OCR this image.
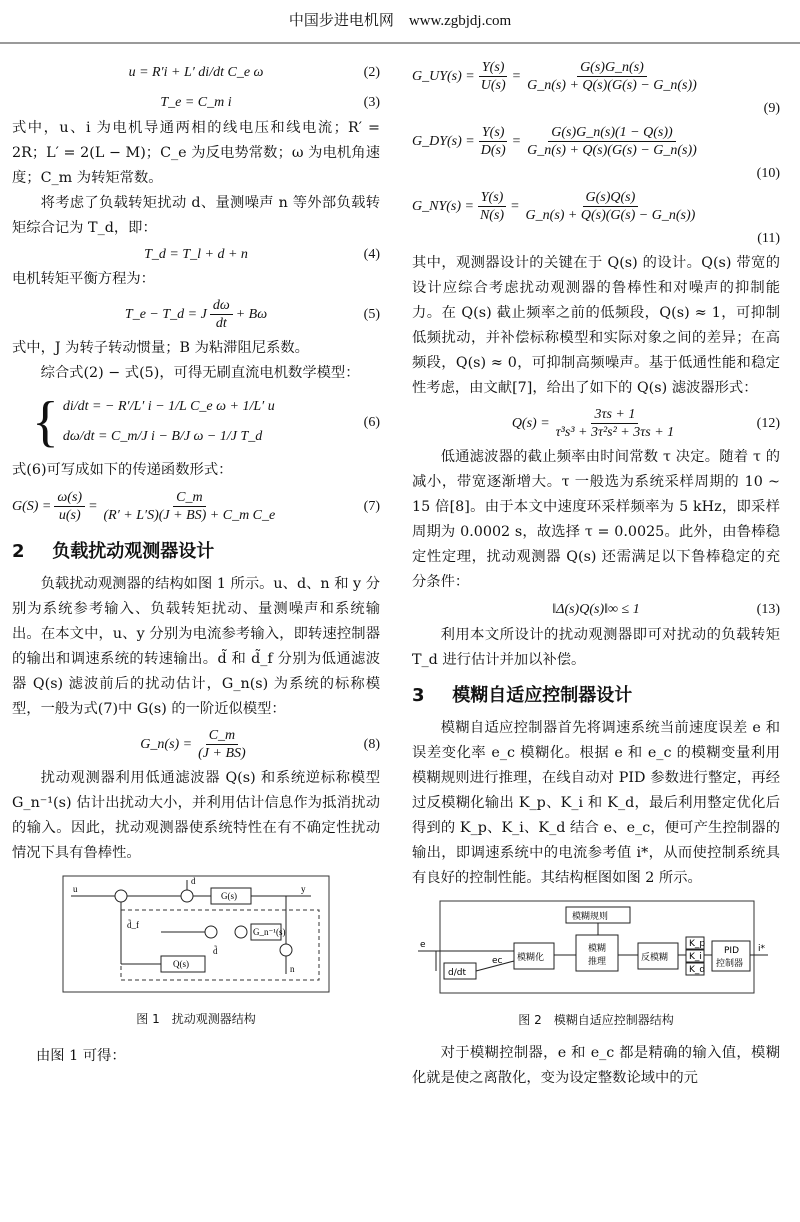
中国步进电机网 www.zgbjdj.com
u = R′i + L′ di/dt C_e ω	(2)
T_e = C_m i	(3)

式中，u、i 为电机导通两相的线电压和线电流；R′ = 2R；L′ = 2(L − M)；C_e 为反电势常数；ω 为电机角速度；C_m 为转矩常数。

将考虑了负载转矩扰动 d、量测噪声 n 等外部负载转矩综合记为 T_d，即：

T_d = T_l + d + n	(4)

电机转矩平衡方程为：

T_e − T_d = J $\frac{d\omega}{dt} + B\omega$	(5)

式中，J 为转子转动惯量；B 为粘滞阻尼系数。

综合式(2) − 式(5)，可得无刷直流电机数学模型：

{ di/dt = − R′/L′ i − 1/L C_e ω + 1/L′ u
dω/dt = C_m/J i − B/J ω − 1/J T_d
(6)

式(6)可写成如下的传递函数形式：

$G(S) = \frac{\omega(s)}{u(s)} = \frac{C\_m}{\text{(R′ + L′S)(J + BS) + C\_m C\_e}}$	(7)
2 负载扰动观测器设计

负载扰动观测器的结构如图 1 所示。u、d、n 和 y 分别为系统参考输入、负载转矩扰动、量测噪声和系统输出。在本文中，u、y 分别为电流参考输入，即转速控制器的输出和调速系统的转速输出。d̃ 和 d̃_f 分别为低通滤波器 Q(s) 滤波前后的扰动估计，G_n(s) 为系统的标称模型，一般为式(7)中 G(s) 的一阶近似模型：

G_n(s) = $\frac{C\_m}{(J + BS)}$	(8)

扰动观测器利用低通滤波器 Q(s) 和系统逆标称模型 G_n⁻¹(s) 估计出扰动大小，并利用估计信息作为抵消扰动的输入。因此，扰动观测器使系统特性在有不确定性扰动情况下具有鲁棒性。

u
d
y
n
G(s)
G_n⁻¹(s)
Q(s)
d̃_f
d̃
图 1　扰动观测器结构

由图 1 可得：

G_UY(s) = $\frac{Y(s)}{U(s)} = \frac{G(s)G\_n(s)}{G\_n(s) + Q(s)(G(s) - G\_n(s))}$
(9)
G_DY(s) = $\frac{Y(s)}{D(s)} = \frac{G(s)G\_n(s)(1 - Q(s))}{G\_n(s) + Q(s)(G(s) - G\_n(s))}$
(10)
G_NY(s) = $\frac{Y(s)}{N(s)} = \frac{G(s)Q(s)}{G\_n(s) + Q(s)(G(s) - G\_n(s))}$
(11)

其中，观测器设计的关键在于 Q(s) 的设计。Q(s) 带宽的设计应综合考虑扰动观测器的鲁棒性和对噪声的抑制能力。在 Q(s) 截止频率之前的低频段，Q(s) ≈ 1，可抑制低频扰动，并补偿标称模型和实际对象之间的差异；在高频段，Q(s) ≈ 0，可抑制高频噪声。基于低通性能和稳定性考虑，由文献[7]，给出了如下的 Q(s) 滤波器形式：

$Q(s) = \frac{3\tau s + 1}{\text{τ³s³ + 3τ²s² + 3τs + 1}}$	(12)

低通滤波器的截止频率由时间常数 τ 决定。随着 τ 的减小，带宽逐渐增大。τ 一般选为系统采样周期的 10 ~ 15 倍[8]。由于本文中速度环采样频率为 5 kHz，即采样周期为 0.0002 s，故选择 τ = 0.0025。此外，由鲁棒稳定性定理，扰动观测器 Q(s) 还需满足以下鲁棒稳定的充分条件：

‖Δ(s)Q(s)‖∞ ≤ 1	(13)

利用本文所设计的扰动观测器即可对扰动的负载转矩 T_d 进行估计并加以补偿。

3 模糊自适应控制器设计

模糊自适应控制器首先将调速系统当前速度误差 e 和误差变化率 e_c 模糊化。根据 e 和 e_c 的模糊变量利用模糊规则进行推理，在线自动对 PID 参数进行整定，再经过反模糊化输出 K_p、K_i 和 K_d，最后利用整定优化后得到的 K_p、K_i、K_d 结合 e、e_c，便可产生控制器的输出，即调速系统中的电流参考值 i*，从而使控制系统具有良好的控制性能。其结构框图如图 2 所示。

模糊规则
模糊化
模糊
推理	反模糊
K_p
K_i
K_d
PID
控制器
d/dt
e
ec
i*
图 2　模糊自适应控制器结构

对于模糊控制器，e 和 e_c 都是精确的输入值，模糊化就是使之离散化，变为设定整数论域中的元
